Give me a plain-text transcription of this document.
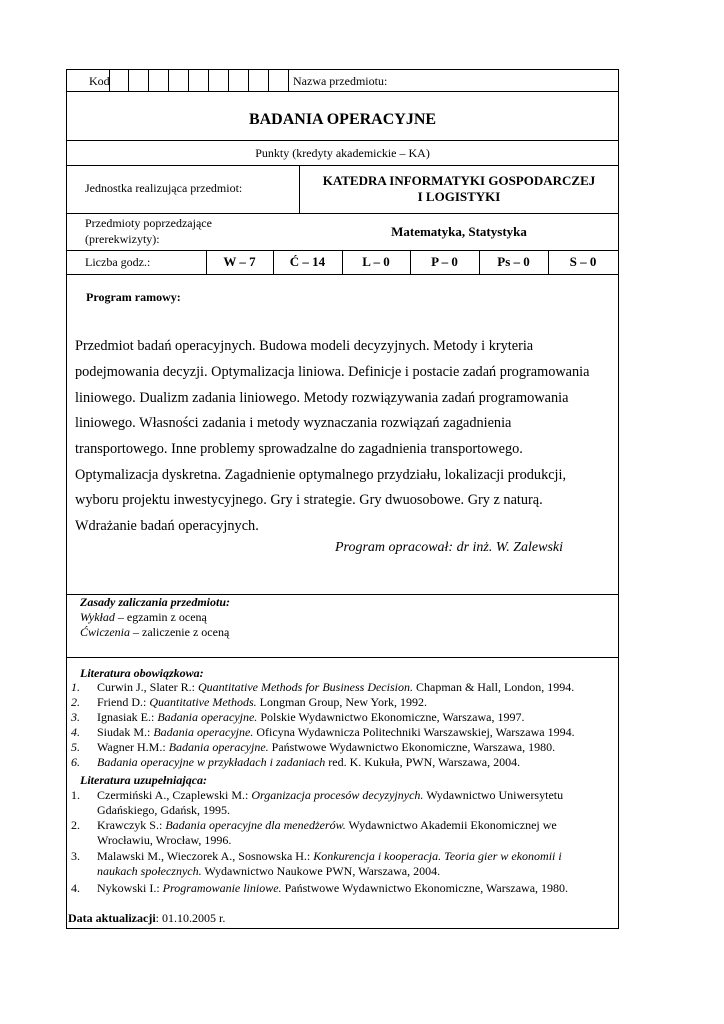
Kod	Nazwa przedmiotu:
BADANIA OPERACYJNE
Punkty (kredyty akademickie – KA)
Jednostka realizująca przedmiot:	KATEDRA INFORMATYKI GOSPODARCZEJ
I LOGISTYKI
Przedmioty poprzedzające
(prerekwizyty):	Matematyka, Statystyka
Liczba godz.:	W – 7	Ć – 14	L – 0	P – 0	Ps – 0	S – 0
Program ramowy:
Przedmiot badań operacyjnych. Budowa modeli decyzyjnych. Metody i kryteria
podejmowania decyzji. Optymalizacja liniowa. Definicje i postacie zadań programowania
liniowego. Dualizm zadania liniowego. Metody rozwiązywania zadań programowania
liniowego. Własności zadania i metody wyznaczania rozwiązań zagadnienia
transportowego. Inne problemy sprowadzalne do zagadnienia transportowego.
Optymalizacja dyskretna. Zagadnienie optymalnego przydziału, lokalizacji produkcji,
wyboru projektu inwestycyjnego. Gry i strategie. Gry dwuosobowe. Gry z naturą.
Wdrażanie badań operacyjnych.
Program opracował: dr inż. W. Zalewski
Zasady zaliczania przedmiotu:
Wykład – egzamin z oceną
Ćwiczenia – zaliczenie z oceną
Literatura obowiązkowa:
1. Curwin J., Slater R.: Quantitative Methods for Business Decision. Chapman & Hall, London, 1994.
2. Friend D.: Quantitative Methods. Longman Group, New York, 1992.
3. Ignasiak E.: Badania operacyjne. Polskie Wydawnictwo Ekonomiczne, Warszawa, 1997.
4. Siudak M.: Badania operacyjne. Oficyna Wydawnicza Politechniki Warszawskiej, Warszawa 1994.
5. Wagner H.M.: Badania operacyjne. Państwowe Wydawnictwo Ekonomiczne, Warszawa, 1980.
6. Badania operacyjne w przykładach i zadaniach red. K. Kukuła, PWN, Warszawa, 2004.
Literatura uzupełniająca:
1. Czermiński A., Czaplewski M.: Organizacja procesów decyzyjnych. Wydawnictwo Uniwersytetu
Gdańskiego, Gdańsk, 1995.
2. Krawczyk S.: Badania operacyjne dla menedżerów. Wydawnictwo Akademii Ekonomicznej we
Wrocławiu, Wrocław, 1996.
3. Malawski M., Wieczorek A., Sosnowska H.: Konkurencja i kooperacja. Teoria gier w ekonomii i
naukach społecznych. Wydawnictwo Naukowe PWN, Warszawa, 2004.
4. Nykowski I.: Programowanie liniowe. Państwowe Wydawnictwo Ekonomiczne, Warszawa, 1980.
Data aktualizacji: 01.10.2005 r.
